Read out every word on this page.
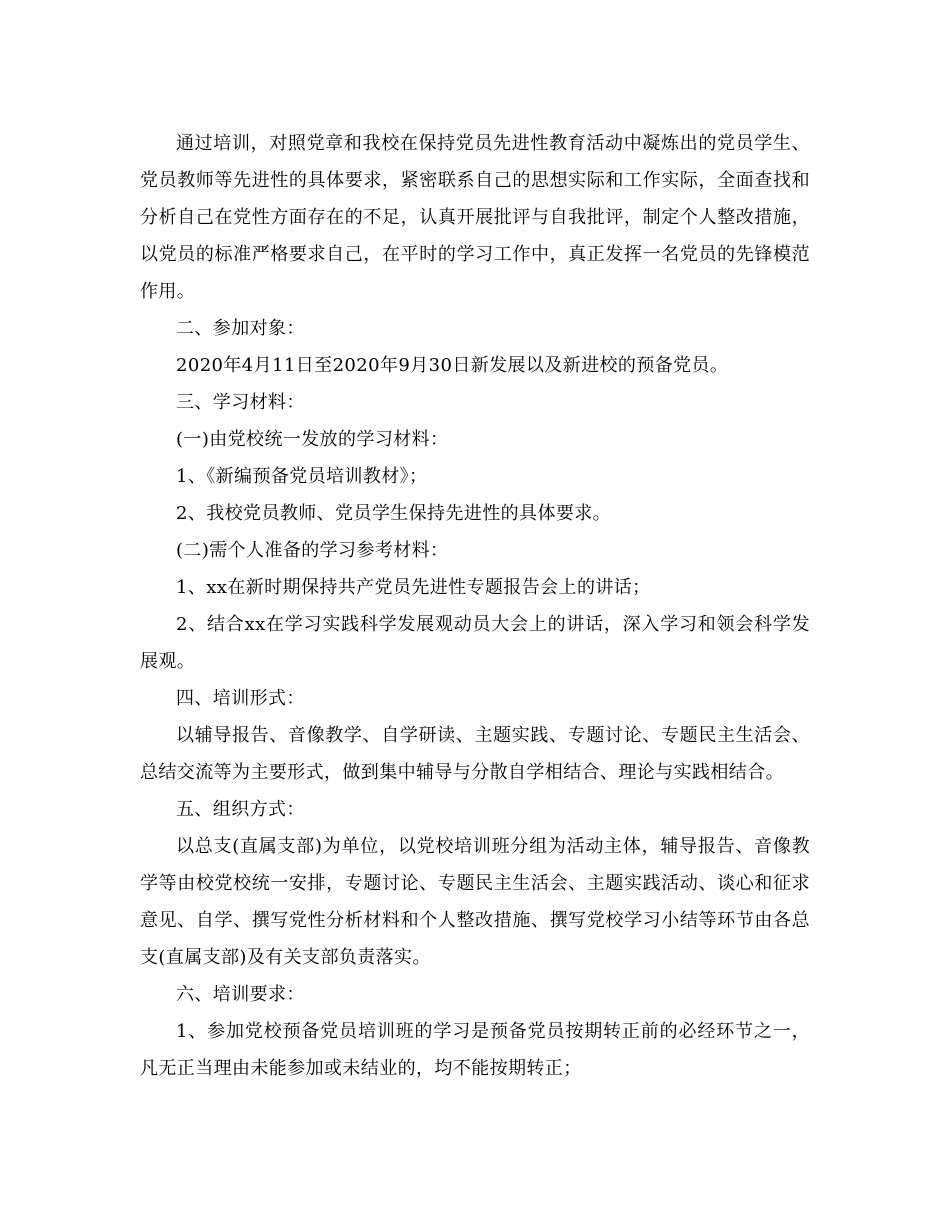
通过培训，对照党章和我校在保持党员先进性教育活动中凝炼出的党员学生、党员教师等先进性的具体要求，紧密联系自己的思想实际和工作实际，全面查找和分析自己在党性方面存在的不足，认真开展批评与自我批评，制定个人整改措施，以党员的标准严格要求自己，在平时的学习工作中，真正发挥一名党员的先锋模范作用。

二、参加对象：

2020年4月11日至2020年9月30日新发展以及新进校的预备党员。

三、学习材料：

(一)由党校统一发放的学习材料：

1、《新编预备党员培训教材》；

2、我校党员教师、党员学生保持先进性的具体要求。

(二)需个人准备的学习参考材料：

1、xx在新时期保持共产党员先进性专题报告会上的讲话；

2、结合xx在学习实践科学发展观动员大会上的讲话，深入学习和领会科学发展观。

四、培训形式：

以辅导报告、音像教学、自学研读、主题实践、专题讨论、专题民主生活会、总结交流等为主要形式，做到集中辅导与分散自学相结合、理论与实践相结合。

五、组织方式：

以总支(直属支部)为单位，以党校培训班分组为活动主体，辅导报告、音像教学等由校党校统一安排，专题讨论、专题民主生活会、主题实践活动、谈心和征求意见、自学、撰写党性分析材料和个人整改措施、撰写党校学习小结等环节由各总支(直属支部)及有关支部负责落实。

六、培训要求：

1、参加党校预备党员培训班的学习是预备党员按期转正前的必经环节之一，凡无正当理由未能参加或未结业的，均不能按期转正；
